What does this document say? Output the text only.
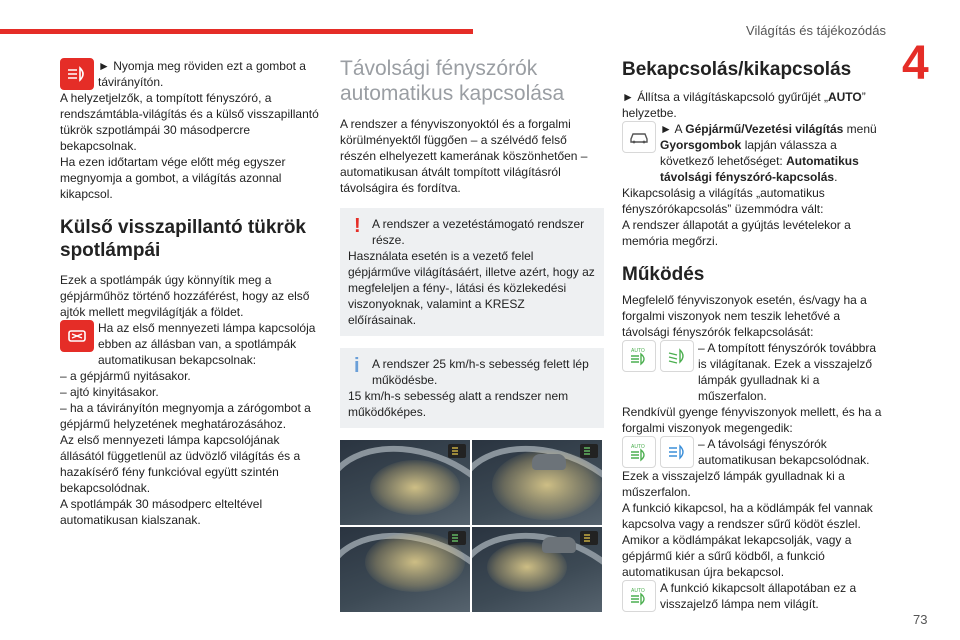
Világítás és tájékozódás
4
73

► Nyomja meg röviden ezt a gombot a távirányítón.

A helyzetjelzők, a tompított fényszóró, a rendszámtábla-világítás és a külső visszapillantó tükrök szpotlámpái 30 másodpercre bekapcsolnak.

Ha ezen időtartam vége előtt még egyszer megnyomja a gombot, a világítás azonnal kikapcsol.

Külső visszapillantó tükrök spotlámpái

Ezek a spotlámpák úgy könnyítik meg a gépjárműhöz történő hozzáférést, hogy az első ajtók mellett megvilágítják a földet.

Ha az első mennyezeti lámpa kapcsolója ebben az állásban van, a spotlámpák automatikusan bekapcsolnak:

– a gépjármű nyitásakor.

– ajtó kinyitásakor.

– ha a távirányítón megnyomja a zárógombot a gépjármű helyzetének meghatározásához.

Az első mennyezeti lámpa kapcsolójának állásától függetlenül az üdvözlő világítás és a hazakísérő fény funkcióval együtt szintén bekapcsolódnak.

A spotlámpák 30 másodperc elteltével automatikusan kialszanak.

Távolsági fényszórók automatikus kapcsolása

A rendszer a fényviszonyoktól és a forgalmi körülményektől függően – a szélvédő felső részén elhelyezett kamerának köszönhetően – automatikusan átvált tompított világításról távolságira és fordítva.

! A rendszer a vezetéstámogató rendszer része.

Használata esetén is a vezető felel gépjárműve világításáért, illetve azért, hogy az megfeleljen a fény-, látási és közlekedési viszonyoknak, valamint a KRESZ előírásainak.

i	A rendszer 25 km/h-s sebesség felett lép működésbe.

15 km/h-s sebesség alatt a rendszer nem működőképes.

Bekapcsolás/kikapcsolás

► Állítsa a világításkapcsoló gyűrűjét „AUTO” helyzetbe.

► A Gépjármű/Vezetési világítás menü Gyorsgombok lapján válassza a következő lehetőséget: Automatikus távolsági fényszóró-kapcsolás.

Kikapcsolásig a világítás „automatikus fényszórókapcsolás” üzemmódra vált:

A rendszer állapotát a gyújtás levételekor a memória megőrzi.

Működés

Megfelelő fényviszonyok esetén, és/vagy ha a forgalmi viszonyok nem teszik lehetővé a távolsági fényszórók felkapcsolását:

AUTO	– A tompított fényszórók továbbra is világítanak. Ezek a visszajelző lámpák gyulladnak ki a műszerfalon.

Rendkívül gyenge fényviszonyok mellett, és ha a forgalmi viszonyok megengedik:

AUTO	– A távolsági fényszórók automatikusan bekapcsolódnak.

Ezek a visszajelző lámpák gyulladnak ki a műszerfalon.

A funkció kikapcsol, ha a ködlámpák fel vannak kapcsolva vagy a rendszer sűrű ködöt észlel.

Amikor a ködlámpákat lekapcsolják, vagy a gépjármű kiér a sűrű ködből, a funkció automatikusan újra bekapcsol.

AUTO A funkció kikapcsolt állapotában ez a visszajelző lámpa nem világít.
